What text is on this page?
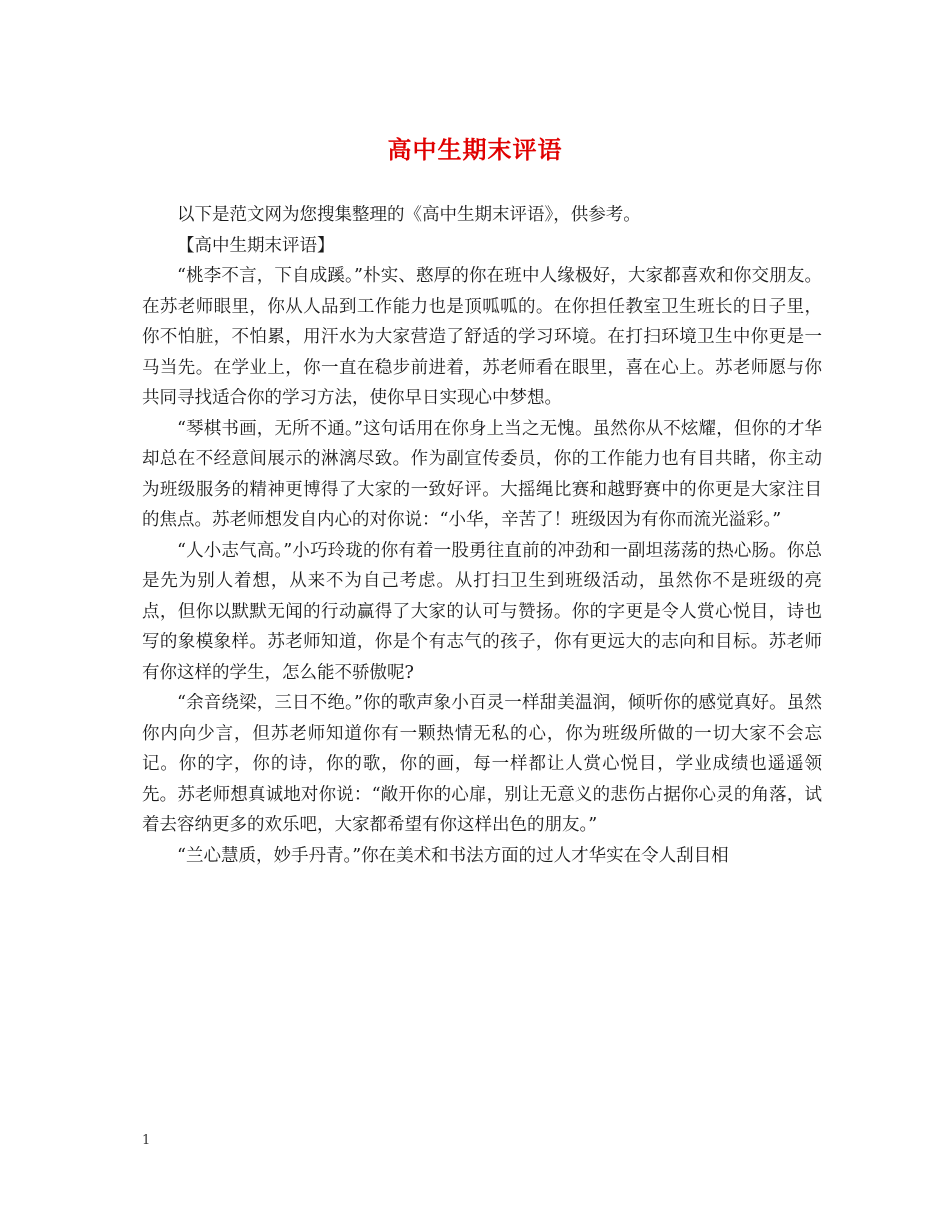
高中生期末评语

以下是范文网为您搜集整理的《高中生期末评语》，供参考。

【高中生期末评语】

“桃李不言，下自成蹊。”朴实、憨厚的你在班中人缘极好，大家都喜欢和你交朋友。在苏老师眼里，你从人品到工作能力也是顶呱呱的。在你担任教室卫生班长的日子里，你不怕脏，不怕累，用汗水为大家营造了舒适的学习环境。在打扫环境卫生中你更是一马当先。在学业上，你一直在稳步前进着，苏老师看在眼里，喜在心上。苏老师愿与你共同寻找适合你的学习方法，使你早日实现心中梦想。

“琴棋书画，无所不通。”这句话用在你身上当之无愧。虽然你从不炫耀，但你的才华却总在不经意间展示的淋漓尽致。作为副宣传委员，你的工作能力也有目共睹，你主动为班级服务的精神更博得了大家的一致好评。大摇绳比赛和越野赛中的你更是大家注目的焦点。苏老师想发自内心的对你说：“小华，辛苦了！班级因为有你而流光溢彩。”

“人小志气高。”小巧玲珑的你有着一股勇往直前的冲劲和一副坦荡荡的热心肠。你总是先为别人着想，从来不为自己考虑。从打扫卫生到班级活动，虽然你不是班级的亮点，但你以默默无闻的行动赢得了大家的认可与赞扬。你的字更是令人赏心悦目，诗也写的象模象样。苏老师知道，你是个有志气的孩子，你有更远大的志向和目标。苏老师有你这样的学生，怎么能不骄傲呢?

“余音绕梁，三日不绝。”你的歌声象小百灵一样甜美温润，倾听你的感觉真好。虽然你内向少言，但苏老师知道你有一颗热情无私的心，你为班级所做的一切大家不会忘记。你的字，你的诗，你的歌，你的画，每一样都让人赏心悦目，学业成绩也遥遥领先。苏老师想真诚地对你说：“敞开你的心扉，别让无意义的悲伤占据你心灵的角落，试着去容纳更多的欢乐吧，大家都希望有你这样出色的朋友。”

“兰心慧质，妙手丹青。”你在美术和书法方面的过人才华实在令人刮目相

1
